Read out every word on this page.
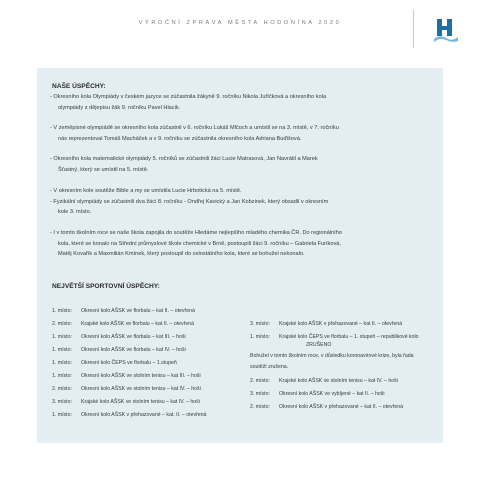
VÝROČNÍ ZPRÁVA MĚSTA HODONÍNA 2020
NAŠE ÚSPĚCHY:
- Okresního kola Olympiády v českém jazyce se zúčastnila žákyně 9. ročníku Nikola Juříčková a okresního kola
olympiády z dějepisu žák 9. ročníku Pavel Hlacik.
- V zeměpisné olympiádě se okresního kola zúčastnil v 6. ročníku Lukáš Mlčoch a umístil se na 3. místě, v 7. ročníku
nás reprezentoval Tomáš Macháček a v 9. ročníku se zúčastnila okresního kola Adriana Buďišová.
- Okresního kola matematické olympiády 5. ročníků se zúčastnili žáci Lucie Matrasová, Jan Navrátil a Marek
Šťastný, který se umístil na 5. místě.
- V okresním kole soutěže Bible a my se umístila Lucie Hrbotická na 5. místě.
- Fyzikální olympiády se zúčastnili dva žáci 8. ročníku - Ondřej Kavický a Jan Kobzinek, který obsadil v okresním
kole 3. místo.
- I v tomto školním roce se naše škola zapojila do soutěže Hledáme nejlepšího mladého chemika ČR. Do regionálního
kola, které se konalo na Střední průmyslové škole chemické v Brně, postoupili žáci 9. ročníku – Gabriela Furíková,
Matěj Kovařík a Maxmilián Kmínek, který postoupil do celostátního kola, které se bohužel nekonalo.
NEJVĚTŠÍ SPORTOVNÍ ÚSPĚCHY:
1. místo: Okresní kolo AŠSK ve florbalu – kat II. – otevřená
2. místo: Krajské kolo AŠSK ve florbalu – kat II. – otevřená
1. místo: Okresní kolo AŠSK ve florbalu – kat III. – hoši
1. místo: Okresní kolo AŠSK ve florbalu – kat IV. – hoši
1. místo: Okresní kolo ČEPS ve florbalu – 1.stupeň
1. místo: Okresní kolo AŠSK ve stolním tenisu – kat III. – hoši
2. místo: Okresní kolo AŠSK ve stolním tenisu – kat IV. – hoši
3. místo: Krajské kolo AŠSK ve stolním tenisu – kat IV. – hoši
1. místo: Okresní kolo AŠSK v přehazované – kat. II. – otevřená
3. místo: Krajské kolo AŠSK v přehazované – kat II. – otevřená
1. místo: Krajské kolo ČEPS ve florbalu – 1. stupeň – republikové kolo
ZRUŠENO
Bohužel v tomto školním roce, v důsledku koronavirové krize, byla řada
soutěží zrušena.
2. místo: Krajské kolo AŠSK ve stolním tenisu – kat IV. – hoši
3. místo: Okresní kolo AŠSK ve vybíjené – kat II. – hoši
2. místo: Okresní kolo AŠSK v přehazované – kat II. – otevřená
